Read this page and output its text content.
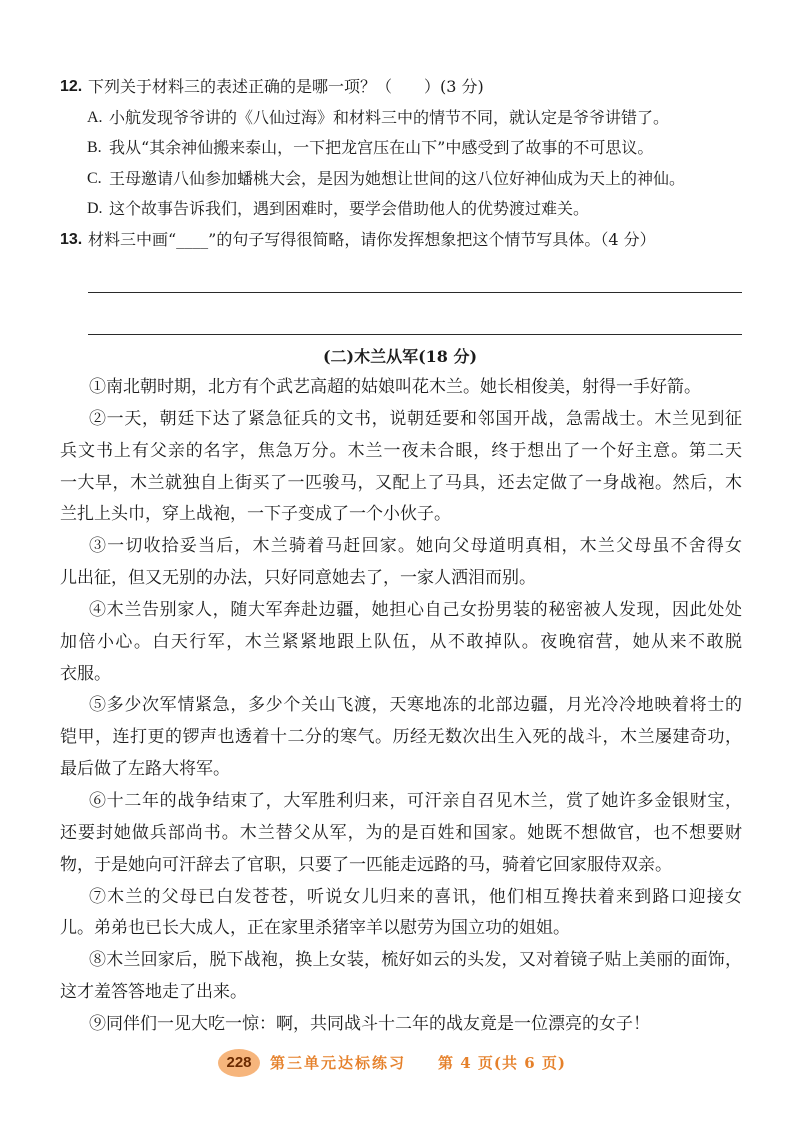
12. 下列关于材料三的表述正确的是哪一项？（　　）(3 分)
A. 小航发现爷爷讲的《八仙过海》和材料三中的情节不同，就认定是爷爷讲错了。
B. 我从“其余神仙搬来泰山，一下把龙宫压在山下”中感受到了故事的不可思议。
C. 王母邀请八仙参加蟠桃大会，是因为她想让世间的这八位好神仙成为天上的神仙。
D. 这个故事告诉我们，遇到困难时，要学会借助他人的优势渡过难关。
13. 材料三中画“____”的句子写得很简略，请你发挥想象把这个情节写具体。（4 分）
(二)木兰从军(18 分)
①南北朝时期，北方有个武艺高超的姑娘叫花木兰。她长相俊美，射得一手好箭。
②一天，朝廷下达了紧急征兵的文书，说朝廷要和邻国开战，急需战士。木兰见到征
兵文书上有父亲的名字，焦急万分。木兰一夜未合眼，终于想出了一个好主意。第二天
一大早，木兰就独自上街买了一匹骏马，又配上了马具，还去定做了一身战袍。然后，木
兰扎上头巾，穿上战袍，一下子变成了一个小伙子。
③一切收拾妥当后，木兰骑着马赶回家。她向父母道明真相，木兰父母虽不舍得女
儿出征，但又无别的办法，只好同意她去了，一家人洒泪而别。
④木兰告别家人，随大军奔赴边疆，她担心自己女扮男装的秘密被人发现，因此处处
加倍小心。白天行军，木兰紧紧地跟上队伍，从不敢掉队。夜晚宿营，她从来不敢脱
衣服。
⑤多少次军情紧急，多少个关山飞渡，天寒地冻的北部边疆，月光冷冷地映着将士的
铠甲，连打更的锣声也透着十二分的寒气。历经无数次出生入死的战斗，木兰屡建奇功，
最后做了左路大将军。
⑥十二年的战争结束了，大军胜利归来，可汗亲自召见木兰，赏了她许多金银财宝，
还要封她做兵部尚书。木兰替父从军，为的是百姓和国家。她既不想做官，也不想要财
物，于是她向可汗辞去了官职，只要了一匹能走远路的马，骑着它回家服侍双亲。
⑦木兰的父母已白发苍苍，听说女儿归来的喜讯，他们相互搀扶着来到路口迎接女
儿。弟弟也已长大成人，正在家里杀猪宰羊以慰劳为国立功的姐姐。
⑧木兰回家后，脱下战袍，换上女装，梳好如云的头发，又对着镜子贴上美丽的面饰，
这才羞答答地走了出来。
⑨同伴们一见大吃一惊：啊，共同战斗十二年的战友竟是一位漂亮的女子！
228	第三单元达标练习 第 4 页(共 6 页)
